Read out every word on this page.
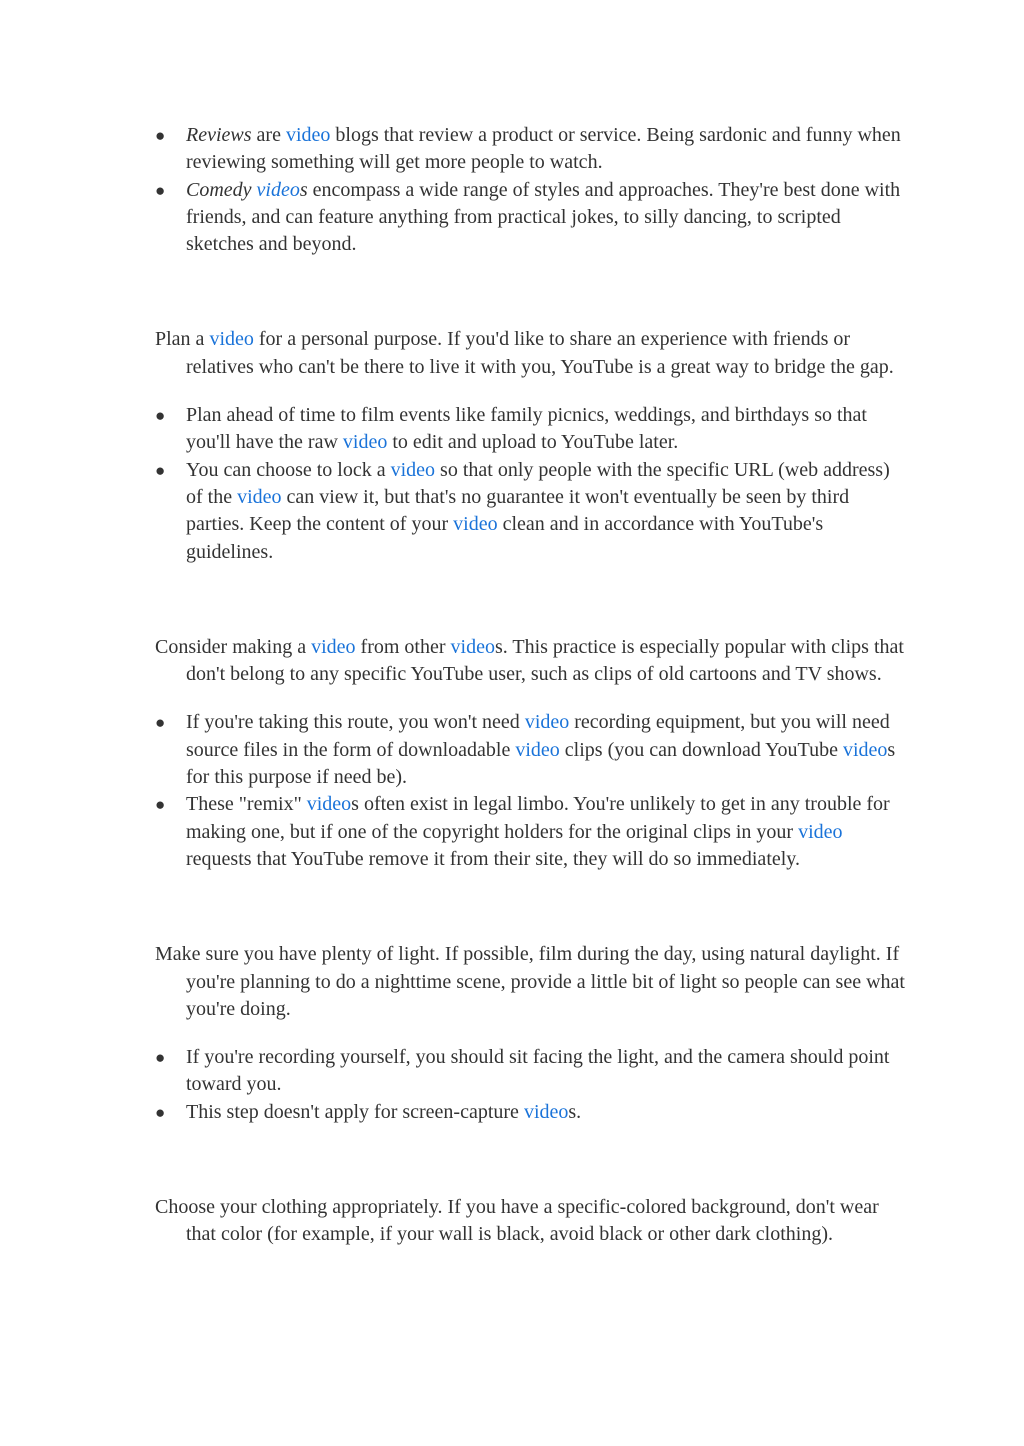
●	Reviews are video blogs that review a product or service. Being sardonic and funny when reviewing something will get more people to watch.
●	Comedy videos encompass a wide range of styles and approaches. They're best done with friends, and can feature anything from practical jokes, to silly dancing, to scripted sketches and beyond.

Plan a video for a personal purpose. If you'd like to share an experience with friends or relatives who can't be there to live it with you, YouTube is a great way to bridge the gap.

●	Plan ahead of time to film events like family picnics, weddings, and birthdays so that you'll have the raw video to edit and upload to YouTube later.
●	You can choose to lock a video so that only people with the specific URL (web address) of the video can view it, but that's no guarantee it won't eventually be seen by third parties. Keep the content of your video clean and in accordance with YouTube's guidelines.

Consider making a video from other videos. This practice is especially popular with clips that don't belong to any specific YouTube user, such as clips of old cartoons and TV shows.

●	If you're taking this route, you won't need video recording equipment, but you will need source files in the form of downloadable video clips (you can download YouTube videos for this purpose if need be).
●	These "remix" videos often exist in legal limbo. You're unlikely to get in any trouble for making one, but if one of the copyright holders for the original clips in your video requests that YouTube remove it from their site, they will do so immediately.

Make sure you have plenty of light. If possible, film during the day, using natural daylight. If you're planning to do a nighttime scene, provide a little bit of light so people can see what you're doing.

●	If you're recording yourself, you should sit facing the light, and the camera should point toward you.
●	This step doesn't apply for screen-capture videos.

Choose your clothing appropriately. If you have a specific-colored background, don't wear that color (for example, if your wall is black, avoid black or other dark clothing).
